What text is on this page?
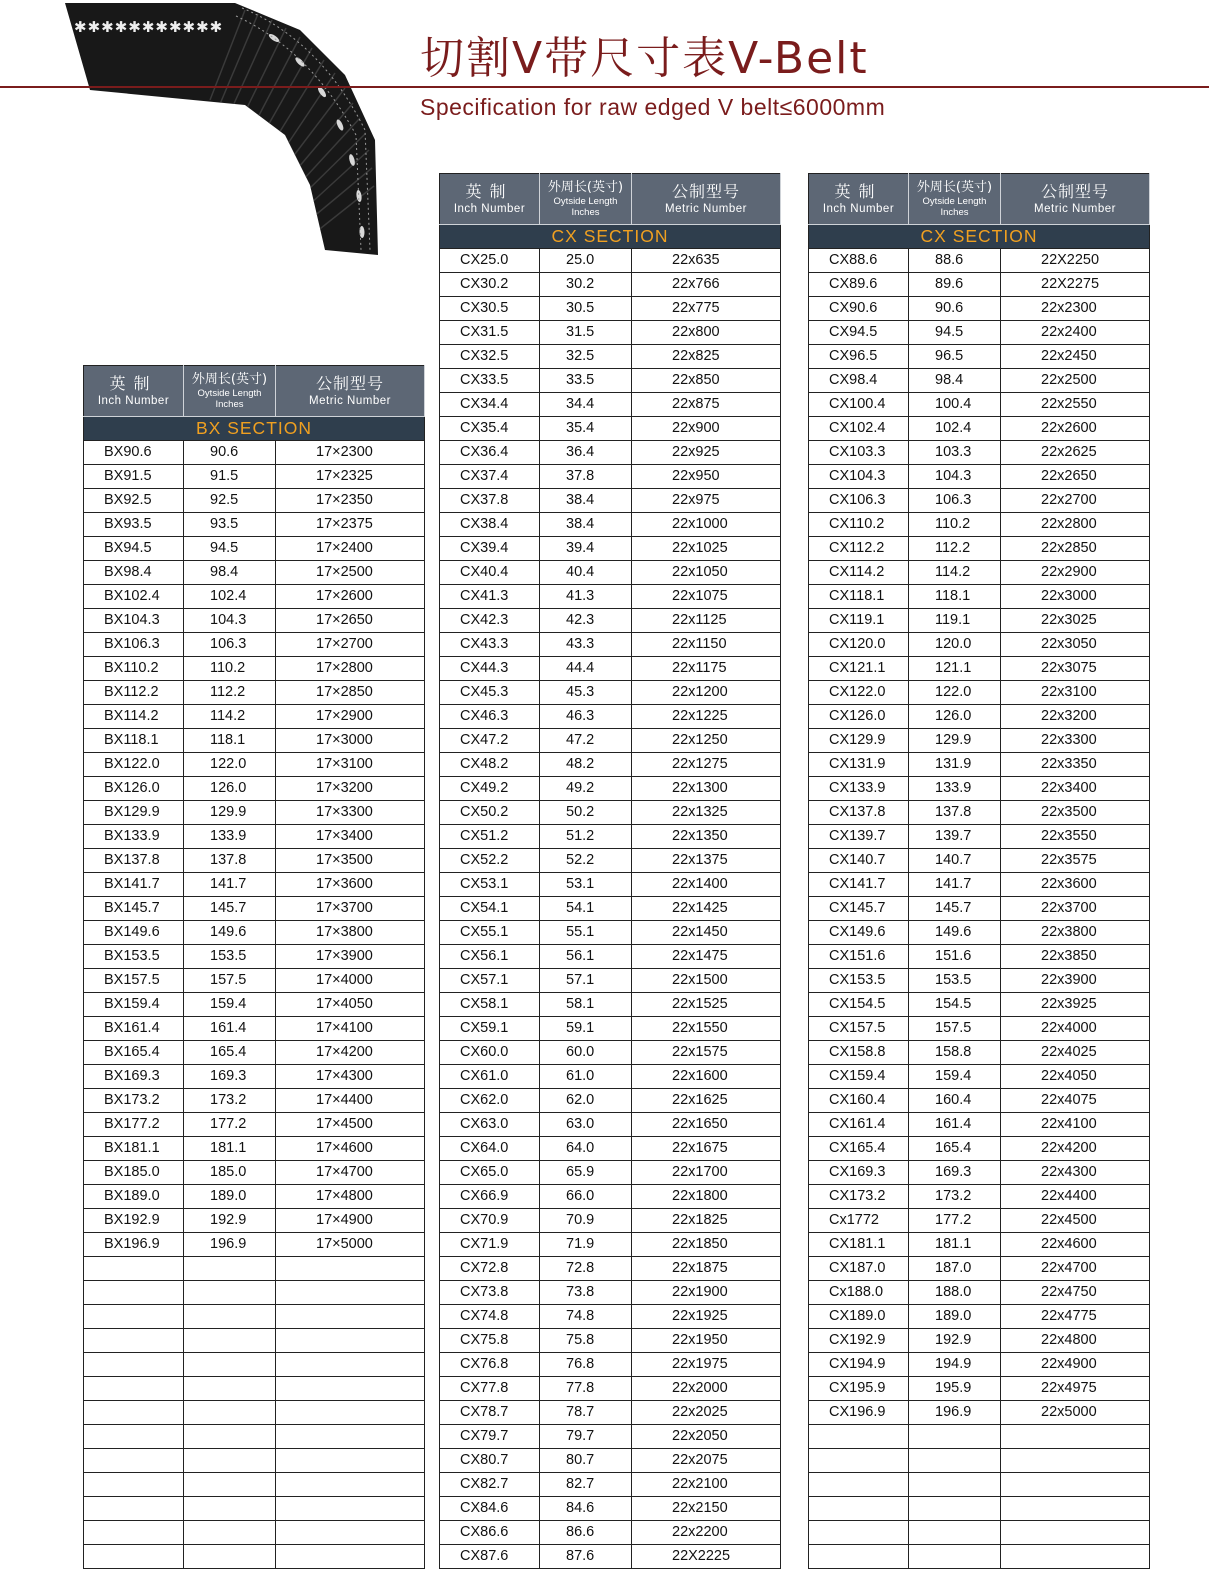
✱✱✱✱✱✱✱✱✱✱✱
切割V带尺寸表V-Belt
Specification for raw edged V belt≤6000mm
英制
Inch Number	外周长(英寸)
Oytside Length
Inches	公制型号
Metric Number

BX SECTION		
BX90.6	90.6	17×2300
BX91.5	91.5	17×2325
BX92.5	92.5	17×2350
BX93.5	93.5	17×2375
BX94.5	94.5	17×2400
BX98.4	98.4	17×2500
BX102.4	102.4	17×2600
BX104.3	104.3	17×2650
BX106.3	106.3	17×2700
BX110.2	110.2	17×2800
BX112.2	112.2	17×2850
BX114.2	114.2	17×2900
BX118.1	118.1	17×3000
BX122.0	122.0	17×3100
BX126.0	126.0	17×3200
BX129.9	129.9	17×3300
BX133.9	133.9	17×3400
BX137.8	137.8	17×3500
BX141.7	141.7	17×3600
BX145.7	145.7	17×3700
BX149.6	149.6	17×3800
BX153.5	153.5	17×3900
BX157.5	157.5	17×4000
BX159.4	159.4	17×4050
BX161.4	161.4	17×4100
BX165.4	165.4	17×4200
BX169.3	169.3	17×4300
BX173.2	173.2	17×4400
BX177.2	177.2	17×4500
BX181.1	181.1	17×4600
BX185.0	185.0	17×4700
BX189.0	189.0	17×4800
BX192.9	192.9	17×4900
BX196.9	196.9	17×5000

英制
Inch Number	外周长(英寸)
Oytside Length
Inches	公制型号
Metric Number

CX SECTION		
CX25.0	25.0	22x635
CX30.2	30.2	22x766
CX30.5	30.5	22x775
CX31.5	31.5	22x800
CX32.5	32.5	22x825
CX33.5	33.5	22x850
CX34.4	34.4	22x875
CX35.4	35.4	22x900
CX36.4	36.4	22x925
CX37.4	37.8	22x950
CX37.8	38.4	22x975
CX38.4	38.4	22x1000
CX39.4	39.4	22x1025
CX40.4	40.4	22x1050
CX41.3	41.3	22x1075
CX42.3	42.3	22x1125
CX43.3	43.3	22x1150
CX44.3	44.4	22x1175
CX45.3	45.3	22x1200
CX46.3	46.3	22x1225
CX47.2	47.2	22x1250
CX48.2	48.2	22x1275
CX49.2	49.2	22x1300
CX50.2	50.2	22x1325
CX51.2	51.2	22x1350
CX52.2	52.2	22x1375
CX53.1	53.1	22x1400
CX54.1	54.1	22x1425
CX55.1	55.1	22x1450
CX56.1	56.1	22x1475
CX57.1	57.1	22x1500
CX58.1	58.1	22x1525
CX59.1	59.1	22x1550
CX60.0	60.0	22x1575
CX61.0	61.0	22x1600
CX62.0	62.0	22x1625
CX63.0	63.0	22x1650
CX64.0	64.0	22x1675
CX65.0	65.9	22x1700
CX66.9	66.0	22x1800
CX70.9	70.9	22x1825
CX71.9	71.9	22x1850
CX72.8	72.8	22x1875
CX73.8	73.8	22x1900
CX74.8	74.8	22x1925
CX75.8	75.8	22x1950
CX76.8	76.8	22x1975
CX77.8	77.8	22x2000
CX78.7	78.7	22x2025
CX79.7	79.7	22x2050
CX80.7	80.7	22x2075
CX82.7	82.7	22x2100
CX84.6	84.6	22x2150
CX86.6	86.6	22x2200
CX87.6	87.6	22X2225
英制
Inch Number	外周长(英寸)
Oytside Length
Inches	公制型号
Metric Number

CX SECTION		
CX88.6	88.6	22X2250
CX89.6	89.6	22X2275
CX90.6	90.6	22x2300
CX94.5	94.5	22x2400
CX96.5	96.5	22x2450
CX98.4	98.4	22x2500
CX100.4	100.4	22x2550
CX102.4	102.4	22x2600
CX103.3	103.3	22x2625
CX104.3	104.3	22x2650
CX106.3	106.3	22x2700
CX110.2	110.2	22x2800
CX112.2	112.2	22x2850
CX114.2	114.2	22x2900
CX118.1	118.1	22x3000
CX119.1	119.1	22x3025
CX120.0	120.0	22x3050
CX121.1	121.1	22x3075
CX122.0	122.0	22x3100
CX126.0	126.0	22x3200
CX129.9	129.9	22x3300
CX131.9	131.9	22x3350
CX133.9	133.9	22x3400
CX137.8	137.8	22x3500
CX139.7	139.7	22x3550
CX140.7	140.7	22x3575
CX141.7	141.7	22x3600
CX145.7	145.7	22x3700
CX149.6	149.6	22x3800
CX151.6	151.6	22x3850
CX153.5	153.5	22x3900
CX154.5	154.5	22x3925
CX157.5	157.5	22x4000
CX158.8	158.8	22x4025
CX159.4	159.4	22x4050
CX160.4	160.4	22x4075
CX161.4	161.4	22x4100
CX165.4	165.4	22x4200
CX169.3	169.3	22x4300
CX173.2	173.2	22x4400
Cx1772	177.2	22x4500
CX181.1	181.1	22x4600
CX187.0	187.0	22x4700
Cx188.0	188.0	22x4750
CX189.0	189.0	22x4775
CX192.9	192.9	22x4800
CX194.9	194.9	22x4900
CX195.9	195.9	22x4975
CX196.9	196.9	22x5000
